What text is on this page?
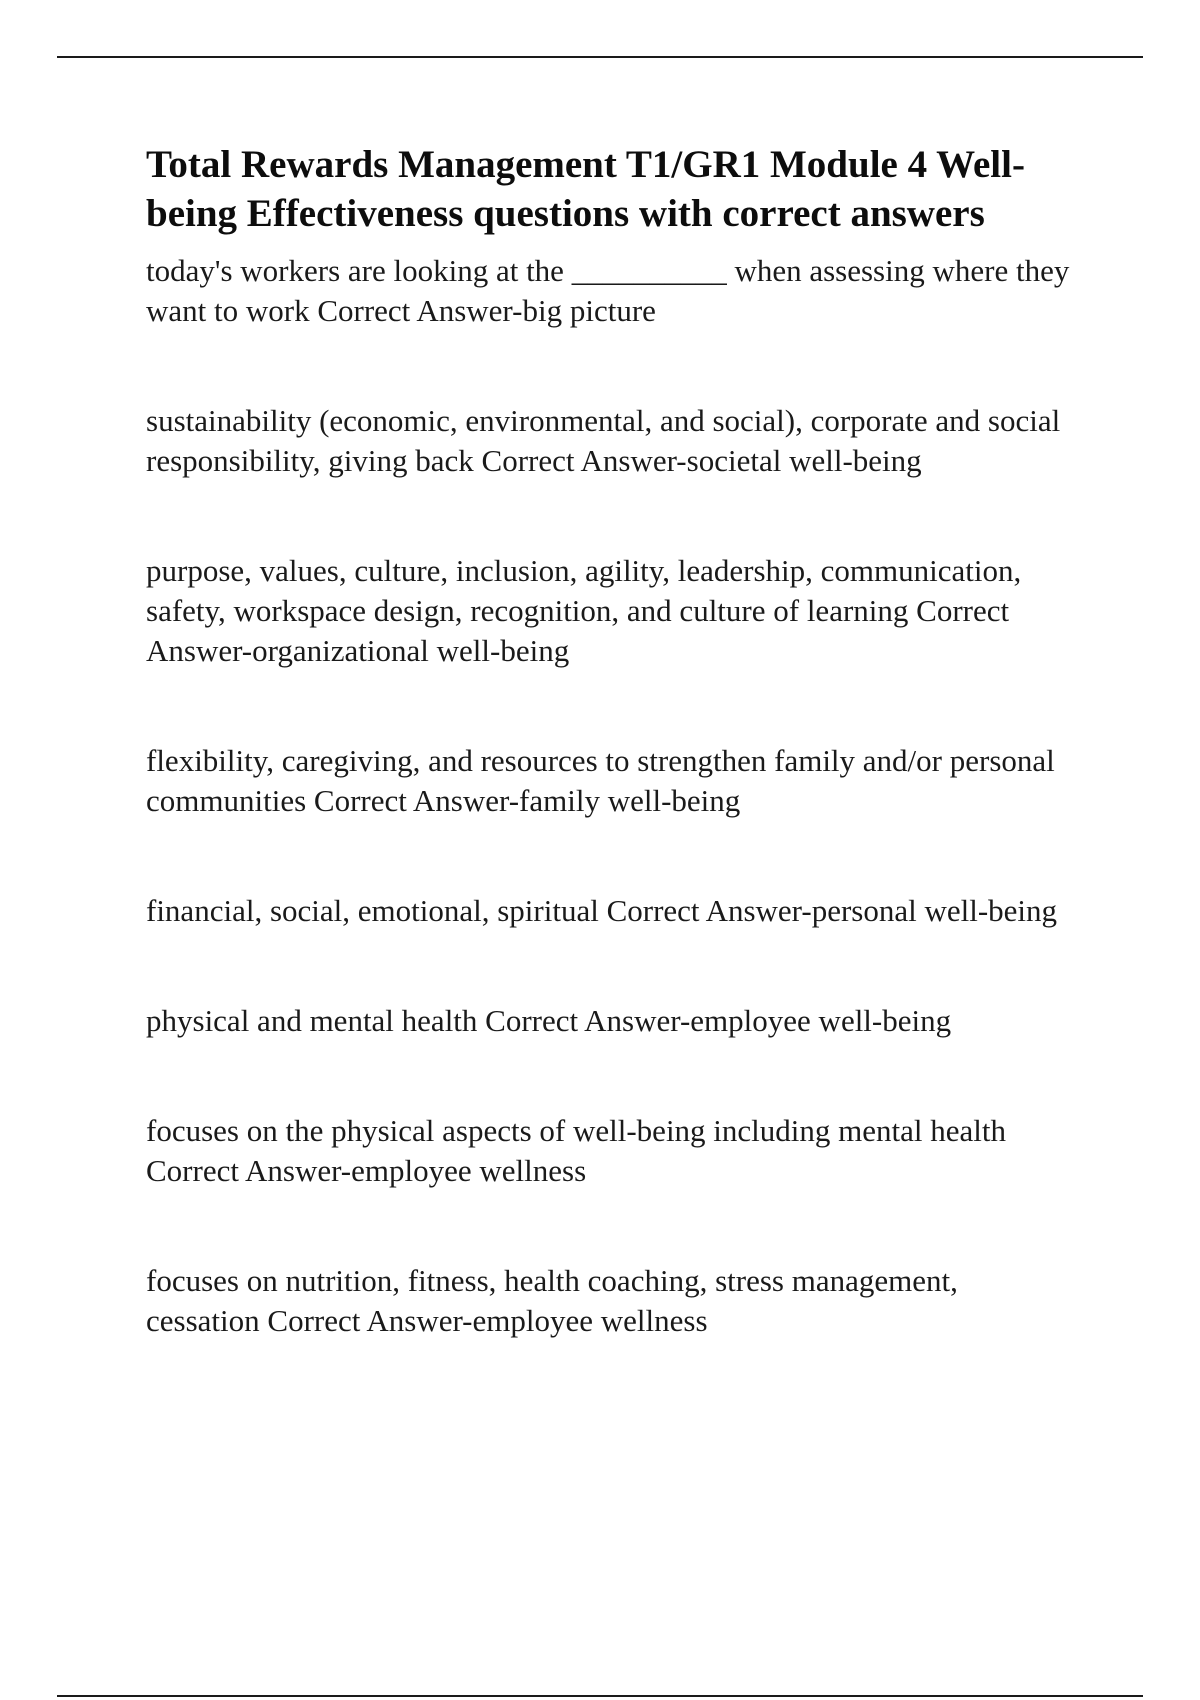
Total Rewards Management T1/GR1 Module 4 Well-being Effectiveness questions with correct answers
today's workers are looking at the __________ when assessing where they want to work Correct Answer-big picture
sustainability (economic, environmental, and social), corporate and social responsibility, giving back Correct Answer-societal well-being
purpose, values, culture, inclusion, agility, leadership, communication, safety, workspace design, recognition, and culture of learning Correct Answer-organizational well-being
flexibility, caregiving, and resources to strengthen family and/or personal communities Correct Answer-family well-being
financial, social, emotional, spiritual Correct Answer-personal well-being
physical and mental health Correct Answer-employee well-being
focuses on the physical aspects of well-being including mental healthCorrect Answer-employee wellness
focuses on nutrition, fitness, health coaching, stress management, cessation Correct Answer-employee wellness
